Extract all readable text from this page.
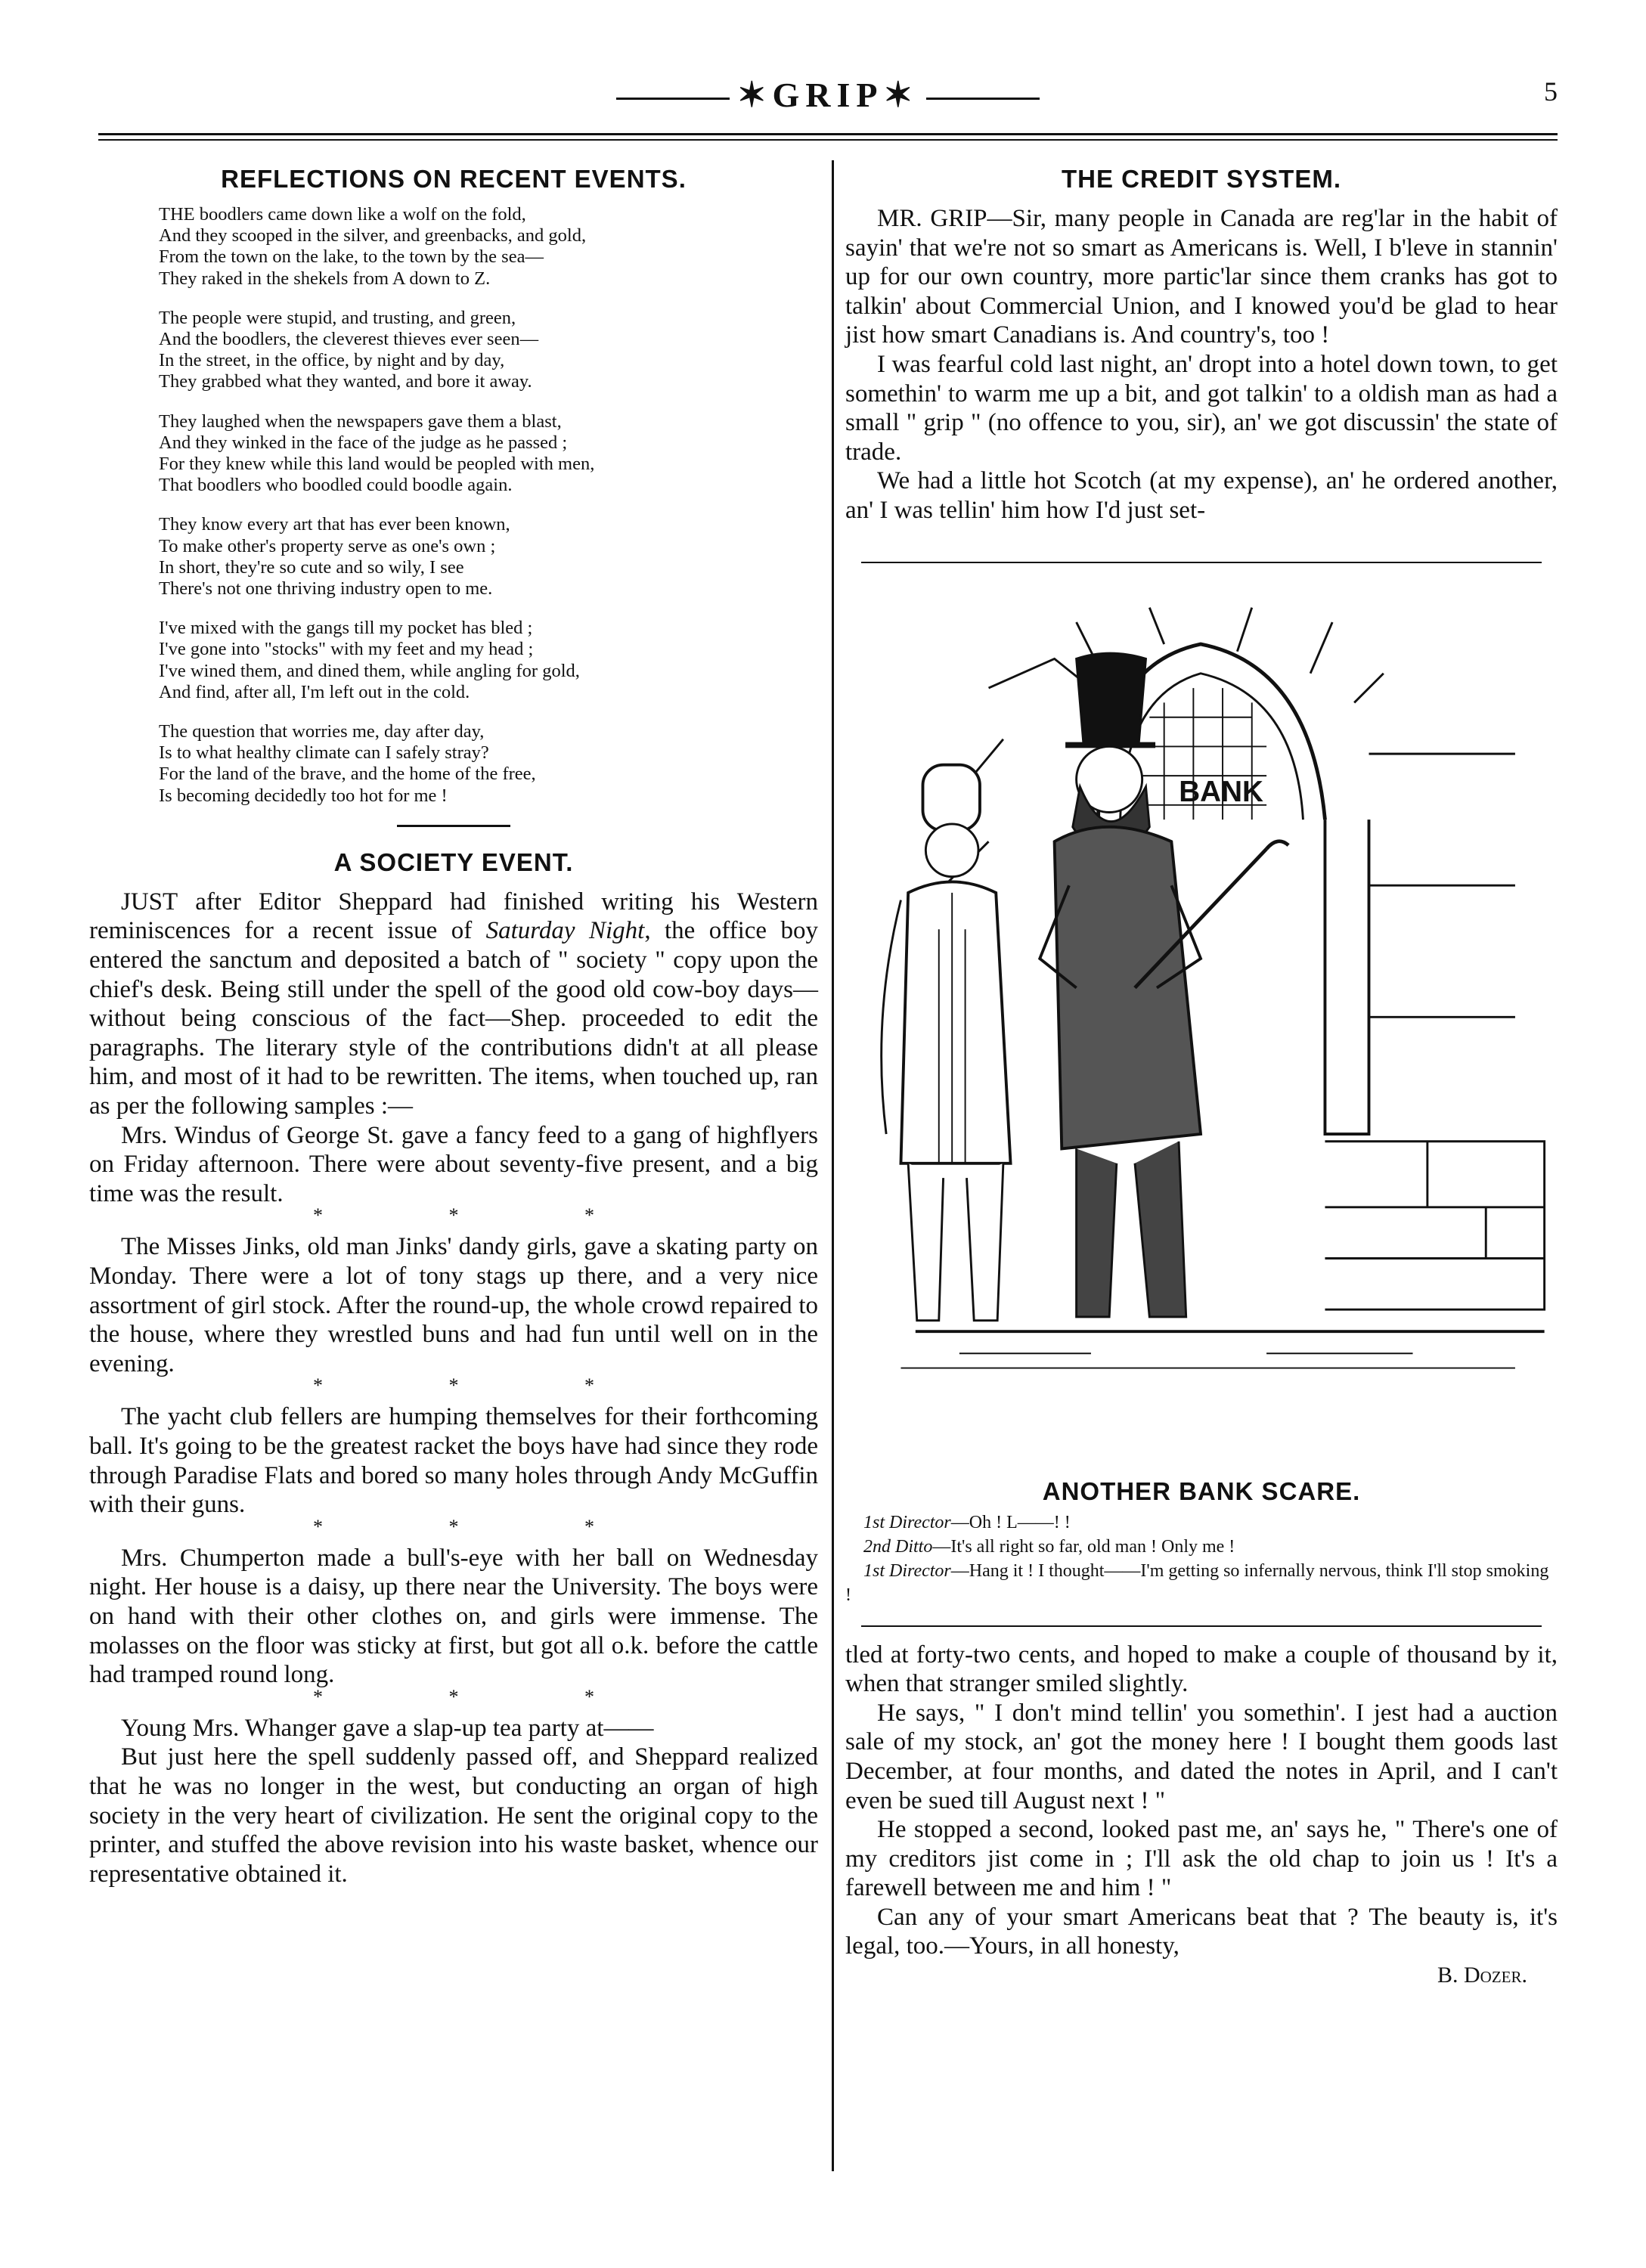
✶GRIP✶	5
REFLECTIONS ON RECENT EVENTS.

THE boodlers came down like a wolf on the fold,
And they scooped in the silver, and greenbacks, and gold,
From the town on the lake, to the town by the sea—
They raked in the shekels from A down to Z.

The people were stupid, and trusting, and green,
And the boodlers, the cleverest thieves ever seen—
In the street, in the office, by night and by day,
They grabbed what they wanted, and bore it away.

They laughed when the newspapers gave them a blast,
And they winked in the face of the judge as he passed ;
For they knew while this land would be peopled with men,
That boodlers who boodled could boodle again.

They know every art that has ever been known,
To make other's property serve as one's own ;
In short, they're so cute and so wily, I see
There's not one thriving industry open to me.

I've mixed with the gangs till my pocket has bled ;
I've gone into "stocks" with my feet and my head ;
I've wined them, and dined them, while angling for gold,
And find, after all, I'm left out in the cold.

The question that worries me, day after day,
Is to what healthy climate can I safely stray?
For the land of the brave, and the home of the free,
Is becoming decidedly too hot for me !

A SOCIETY EVENT.

JUST after Editor Sheppard had finished writing his Western reminiscences for a recent issue of Saturday Night, the office boy entered the sanctum and deposited a batch of " society " copy upon the chief's desk. Being still under the spell of the good old cow-boy days—without being conscious of the fact—Shep. proceeded to edit the paragraphs. The literary style of the contributions didn't at all please him, and most of it had to be rewritten. The items, when touched up, ran as per the following samples :—

Mrs. Windus of George St. gave a fancy feed to a gang of highflyers on Friday afternoon. There were about seventy-five present, and a big time was the result.

* * *

The Misses Jinks, old man Jinks' dandy girls, gave a skating party on Monday. There were a lot of tony stags up there, and a very nice assortment of girl stock. After the round-up, the whole crowd repaired to the house, where they wrestled buns and had fun until well on in the evening.

* * *

The yacht club fellers are humping themselves for their forthcoming ball. It's going to be the greatest racket the boys have had since they rode through Paradise Flats and bored so many holes through Andy McGuffin with their guns.

* * *

Mrs. Chumperton made a bull's-eye with her ball on Wednesday night. Her house is a daisy, up there near the University. The boys were on hand with their other clothes on, and girls were immense. The molasses on the floor was sticky at first, but got all o.k. before the cattle had tramped round long.

* * *

Young Mrs. Whanger gave a slap-up tea party at——

But just here the spell suddenly passed off, and Sheppard realized that he was no longer in the west, but conducting an organ of high society in the very heart of civilization. He sent the original copy to the printer, and stuffed the above revision into his waste basket, whence our representative obtained it.

THE CREDIT SYSTEM.

MR. GRIP—Sir, many people in Canada are reg'lar in the habit of sayin' that we're not so smart as Americans is. Well, I b'leve in stannin' up for our own country, more partic'lar since them cranks has got to talkin' about Commercial Union, and I knowed you'd be glad to hear jist how smart Canadians is. And country's, too !

I was fearful cold last night, an' dropt into a hotel down town, to get somethin' to warm me up a bit, and got talkin' to a oldish man as had a small " grip " (no offence to you, sir), an' we got discussin' the state of trade.

We had a little hot Scotch (at my expense), an' he ordered another, an' I was tellin' him how I'd just set-

BANK
ANOTHER BANK SCARE.

1st Director—Oh ! L——! !

2nd Ditto—It's all right so far, old man ! Only me !

1st Director—Hang it ! I thought——I'm getting so infernally nervous, think I'll stop smoking !

tled at forty-two cents, and hoped to make a couple of thousand by it, when that stranger smiled slightly.

He says, " I don't mind tellin' you somethin'. I jest had a auction sale of my stock, an' got the money here ! I bought them goods last December, at four months, and dated the notes in April, and I can't even be sued till August next ! "

He stopped a second, looked past me, an' says he, " There's one of my creditors jist come in ; I'll ask the old chap to join us ! It's a farewell between me and him ! "

Can any of your smart Americans beat that ? The beauty is, it's legal, too.—Yours, in all honesty,

B. Dozer.
